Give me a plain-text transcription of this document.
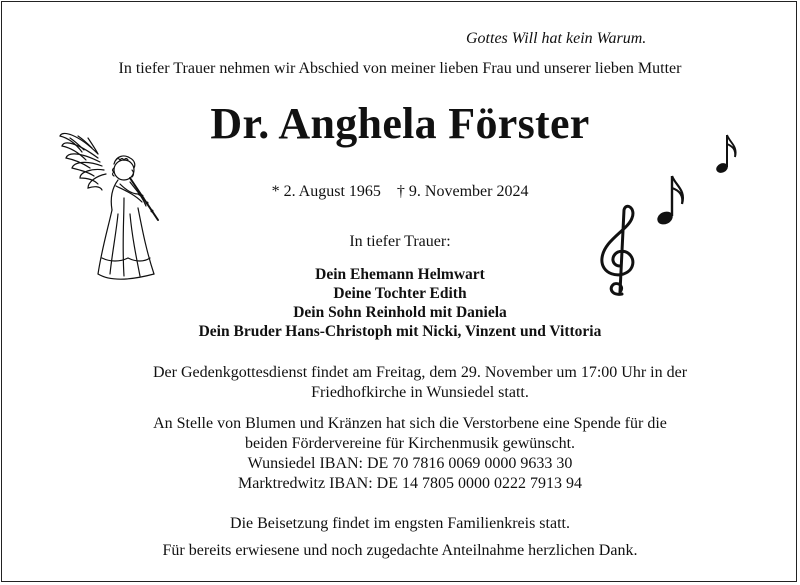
Gottes Will hat kein Warum.
In tiefer Trauer nehmen wir Abschied von meiner lieben Frau und unserer lieben Mutter
Dr. Anghela Förster
* 2. August 1965    † 9. November 2024
In tiefer Trauer:
Dein Ehemann Helmwart
Deine Tochter Edith
Dein Sohn Reinhold mit Daniela
Dein Bruder Hans-Christoph mit Nicki, Vinzent und Vittoria
Der Gedenkgottesdienst findet am Freitag, dem 29. November um 17:00 Uhr in der
Friedhofkirche in Wunsiedel statt.
An Stelle von Blumen und Kränzen hat sich die Verstorbene eine Spende für die
beiden Fördervereine für Kirchenmusik gewünscht.
Wunsiedel IBAN: DE 70 7816 0069 0000 9633 30
Marktredwitz IBAN: DE 14 7805 0000 0222 7913 94
Die Beisetzung findet im engsten Familienkreis statt.
Für bereits erwiesene und noch zugedachte Anteilnahme herzlichen Dank.
